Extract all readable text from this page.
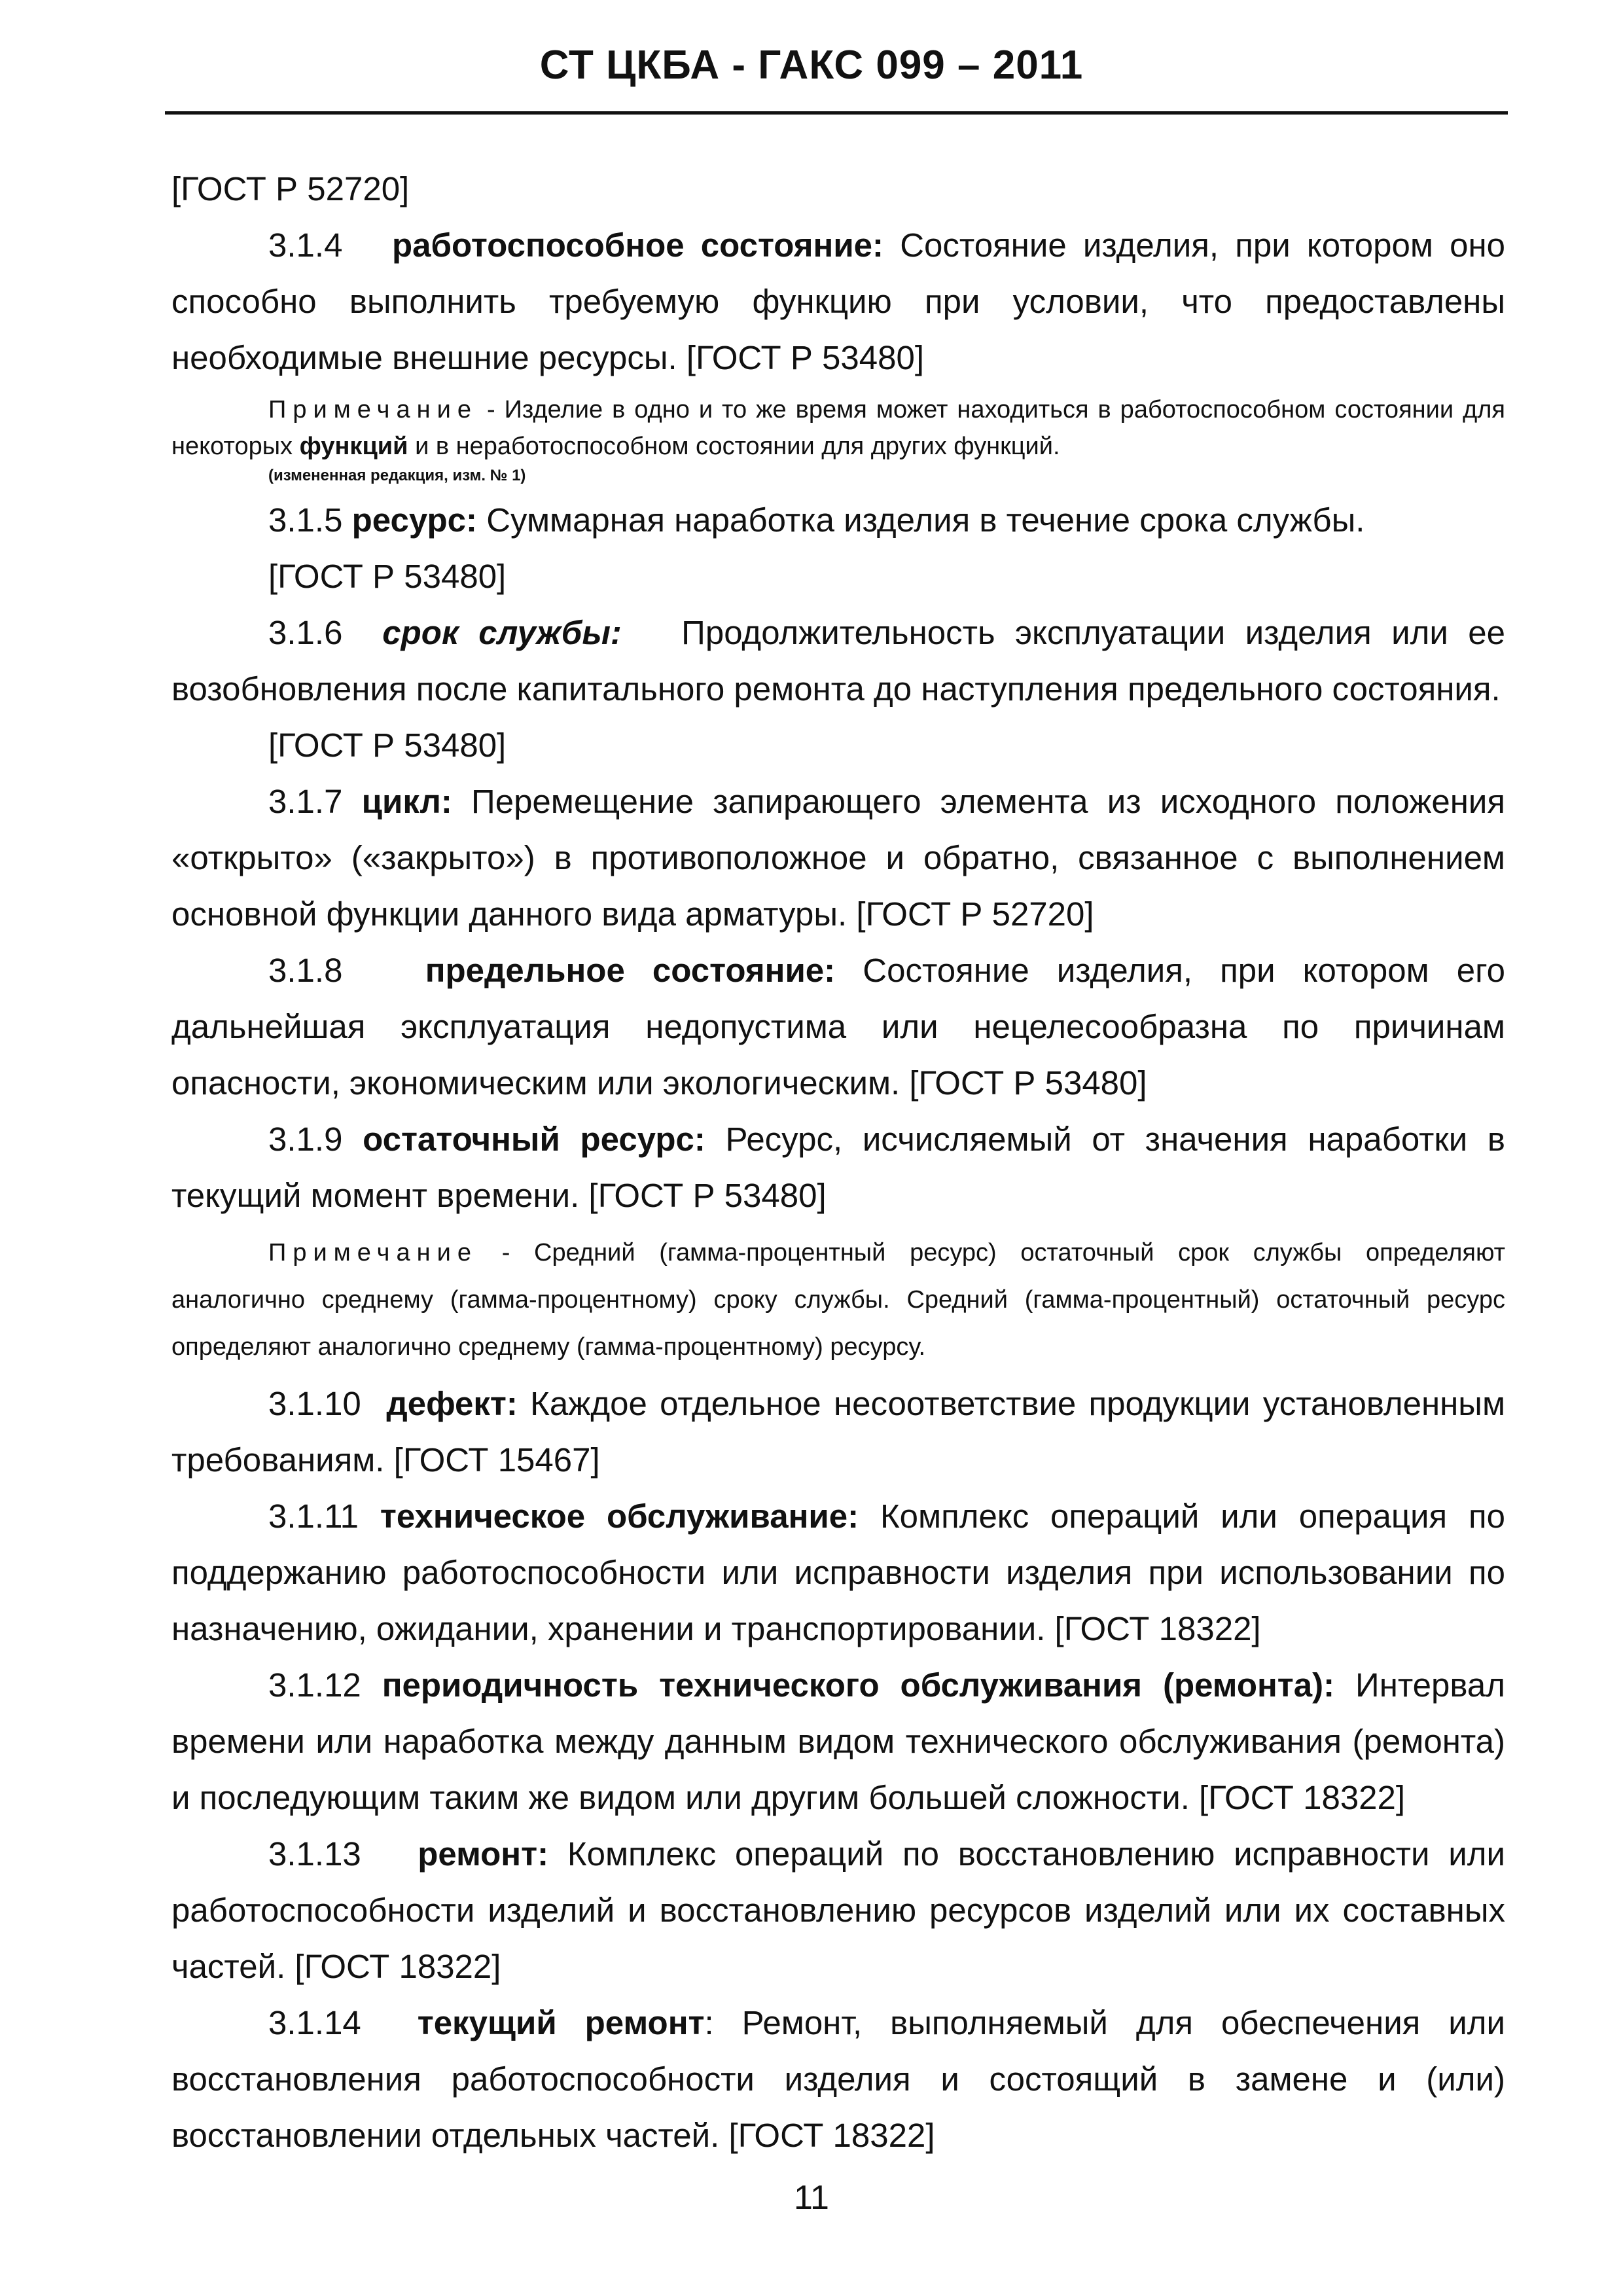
СТ ЦКБА - ГАКС 099 – 2011

[ГОСТ Р 52720]

3.1.4 работоспособное состояние: Состояние изделия, при котором оно способно выполнить требуемую функцию при условии, что предоставлены необходимые внешние ресурсы. [ГОСТ Р 53480]

Примечание - Изделие в одно и то же время может находиться в работоспособном состоянии для некоторых функций и в неработоспособном состоянии для других функций.

(измененная редакция, изм. № 1)

3.1.5 ресурс: Суммарная наработка изделия в течение срока службы.

[ГОСТ Р 53480]

3.1.6 срок службы: Продолжительность эксплуатации изделия или ее возобновления после капитального ремонта до наступления предельного состояния.

[ГОСТ Р 53480]

3.1.7 цикл: Перемещение запирающего элемента из исходного положения «открыто» («закрыто») в противоположное и обратно, связанное с выполнением основной функции данного вида арматуры. [ГОСТ Р 52720]

3.1.8 предельное состояние: Состояние изделия, при котором его дальнейшая эксплуатация недопустима или нецелесообразна по причинам опасности, экономическим или экологическим. [ГОСТ Р 53480]

3.1.9 остаточный ресурс: Ресурс, исчисляемый от значения наработки в текущий момент времени. [ГОСТ Р 53480]

Примечание - Средний (гамма-процентный ресурс) остаточный срок службы определяют аналогично среднему (гамма-процентному) сроку службы. Средний (гамма-процентный) остаточный ресурс определяют аналогично среднему (гамма-процентному) ресурсу.

3.1.10 дефект: Каждое отдельное несоответствие продукции установленным требованиям. [ГОСТ 15467]

3.1.11 техническое обслуживание: Комплекс операций или операция по поддержанию работоспособности или исправности изделия при использовании по назначению, ожидании, хранении и транспортировании. [ГОСТ 18322]

3.1.12 периодичность технического обслуживания (ремонта): Интервал времени или наработка между данным видом технического обслуживания (ремонта) и последующим таким же видом или другим большей сложности. [ГОСТ 18322]

3.1.13 ремонт: Комплекс операций по восстановлению исправности или работоспособности изделий и восстановлению ресурсов изделий или их составных частей. [ГОСТ 18322]

3.1.14 текущий ремонт: Ремонт, выполняемый для обеспечения или восстановления работоспособности изделия и состоящий в замене и (или) восстановлении отдельных частей. [ГОСТ 18322]

11
